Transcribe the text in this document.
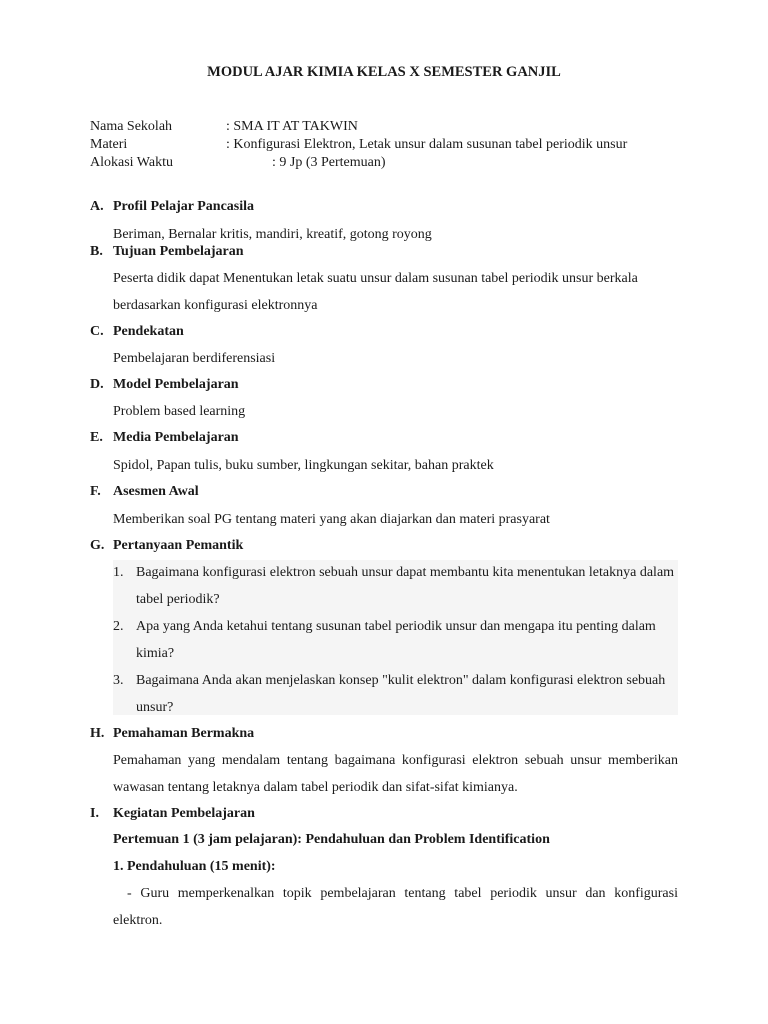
MODUL AJAR KIMIA KELAS X SEMESTER GANJIL
Nama Sekolah	: SMA IT AT TAKWIN
Materi	: Konfigurasi Elektron, Letak unsur dalam susunan tabel periodik unsur
Alokasi Waktu	: 9 Jp (3 Pertemuan)
A. Profil Pelajar Pancasila
Beriman, Bernalar kritis, mandiri, kreatif, gotong royong
B. Tujuan Pembelajaran
Peserta didik dapat Menentukan letak suatu unsur dalam susunan tabel periodik unsur berkala berdasarkan konfigurasi elektronnya
C. Pendekatan
Pembelajaran berdiferensiasi
D. Model Pembelajaran
Problem based learning
E. Media Pembelajaran
Spidol, Papan tulis, buku sumber, lingkungan sekitar, bahan praktek
F. Asesmen Awal
Memberikan soal PG tentang materi yang akan diajarkan dan materi prasyarat
G. Pertanyaan Pemantik
1. Bagaimana konfigurasi elektron sebuah unsur dapat membantu kita menentukan letaknya dalam tabel periodik?
2. Apa yang Anda ketahui tentang susunan tabel periodik unsur dan mengapa itu penting dalam kimia?
3. Bagaimana Anda akan menjelaskan konsep "kulit elektron" dalam konfigurasi elektron sebuah unsur?
H. Pemahaman Bermakna
Pemahaman yang mendalam tentang bagaimana konfigurasi elektron sebuah unsur memberikan wawasan tentang letaknya dalam tabel periodik dan sifat-sifat kimianya.
I. Kegiatan Pembelajaran
Pertemuan 1 (3 jam pelajaran): Pendahuluan dan Problem Identification
1. Pendahuluan (15 menit):
- Guru memperkenalkan topik pembelajaran tentang tabel periodik unsur dan konfigurasi elektron.
